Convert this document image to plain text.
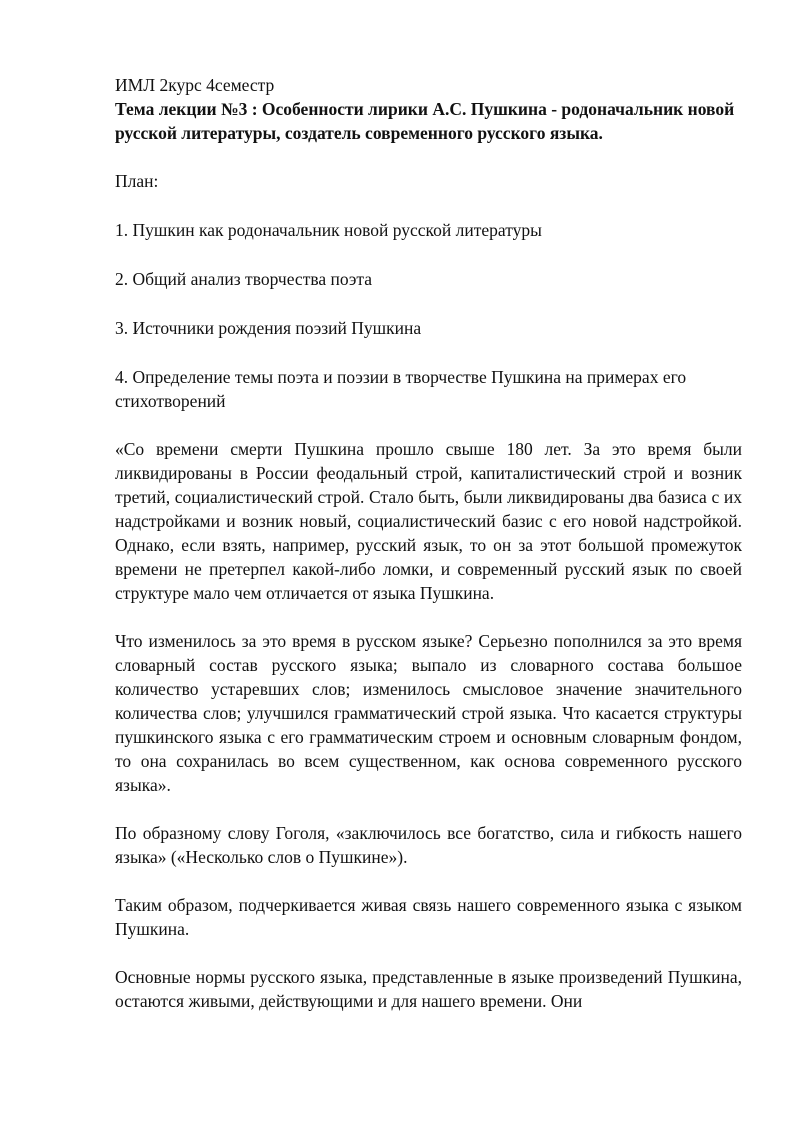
ИМЛ 2курс 4семестр

Тема лекции №3 : Особенности лирики А.С. Пушкина - родоначальник новой русской литературы, создатель современного русского языка.

План:

1. Пушкин как родоначальник новой русской литературы
2. Общий анализ творчества поэта
3. Источники рождения поэзий Пушкина
4. Определение темы поэта и поэзии в творчестве Пушкина на примерах его стихотворений

«Со времени смерти Пушкина прошло свыше 180 лет. За это время были ликвидированы в России феодальный строй, капиталистический строй и возник третий, социалистический строй. Стало быть, были ликвидированы два базиса с их надстройками и возник новый, социалистический базис с его новой надстройкой. Однако, если взять, например, русский язык, то он за этот большой промежуток времени не претерпел какой-либо ломки, и современный русский язык по своей структуре мало чем отличается от языка Пушкина.

Что изменилось за это время в русском языке? Серьезно пополнился за это время словарный состав русского языка; выпало из словарного состава большое количество устаревших слов; изменилось смысловое значение значительного количества слов; улучшился грамматический строй языка. Что касается структуры пушкинского языка с его грамматическим строем и основным словарным фондом, то она сохранилась во всем существенном, как основа современного русского языка».

По образному слову Гоголя, «заключилось все богатство, сила и гибкость нашего языка» («Несколько слов о Пушкине»).

Таким образом, подчеркивается живая связь нашего современного языка с языком Пушкина.

Основные нормы русского языка, представленные в языке произведений Пушкина, остаются живыми, действующими и для нашего времени. Они
